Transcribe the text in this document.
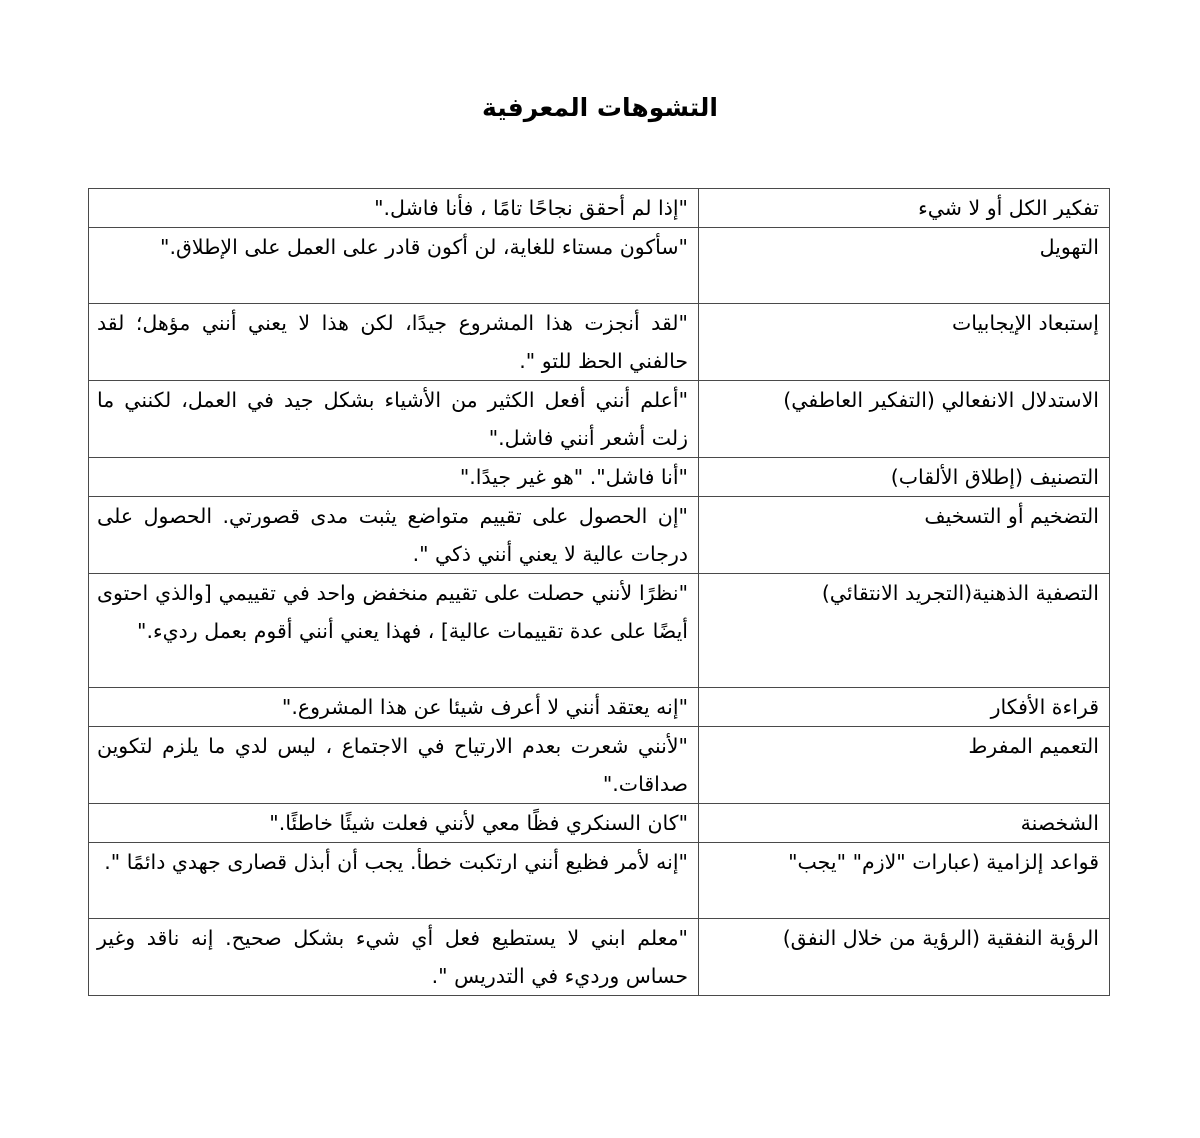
التشوهات المعرفية
تفكير الكل أو لا شيء	"إذا لم أحقق نجاحًا تامًا ، فأنا فاشل."
التهويل	"سأكون مستاء للغاية، لن أكون قادر على العمل على الإطلاق."
إستبعاد الإيجابيات	"لقد أنجزت هذا المشروع جيدًا، لكن هذا لا يعني أنني مؤهل؛ لقد حالفني الحظ للتو ".
الاستدلال الانفعالي (التفكير العاطفي)	"أعلم أنني أفعل الكثير من الأشياء بشكل جيد في العمل، لكنني ما زلت أشعر أنني فاشل."
التصنيف (إطلاق الألقاب)	"أنا فاشل". "هو غير جيدًا."
التضخيم أو التسخيف	"إن الحصول على تقييم متواضع يثبت مدى قصورتي. الحصول على درجات عالية لا يعني أنني ذكي ".
التصفية الذهنية(التجريد الانتقائي)	"نظرًا لأنني حصلت على تقييم منخفض واحد في تقييمي [والذي احتوى أيضًا على عدة تقييمات عالية] ، فهذا يعني أنني أقوم بعمل رديء."
قراءة الأفكار	"إنه يعتقد أنني لا أعرف شيئا عن هذا المشروع."
التعميم المفرط	"لأنني شعرت بعدم الارتياح في الاجتماع ، ليس لدي ما يلزم لتكوين صداقات."
الشخصنة	"كان السنكري فظًا معي لأنني فعلت شيئًا خاطئًا."
قواعد إلزامية (عبارات "لازم" "يجب"	"إنه لأمر فظيع أنني ارتكبت خطأ. يجب أن أبذل قصارى جهدي دائمًا ".
الرؤية النفقية (الرؤية من خلال النفق)	"معلم ابني لا يستطيع فعل أي شيء بشكل صحيح. إنه ناقد وغير حساس ورديء في التدريس ".
